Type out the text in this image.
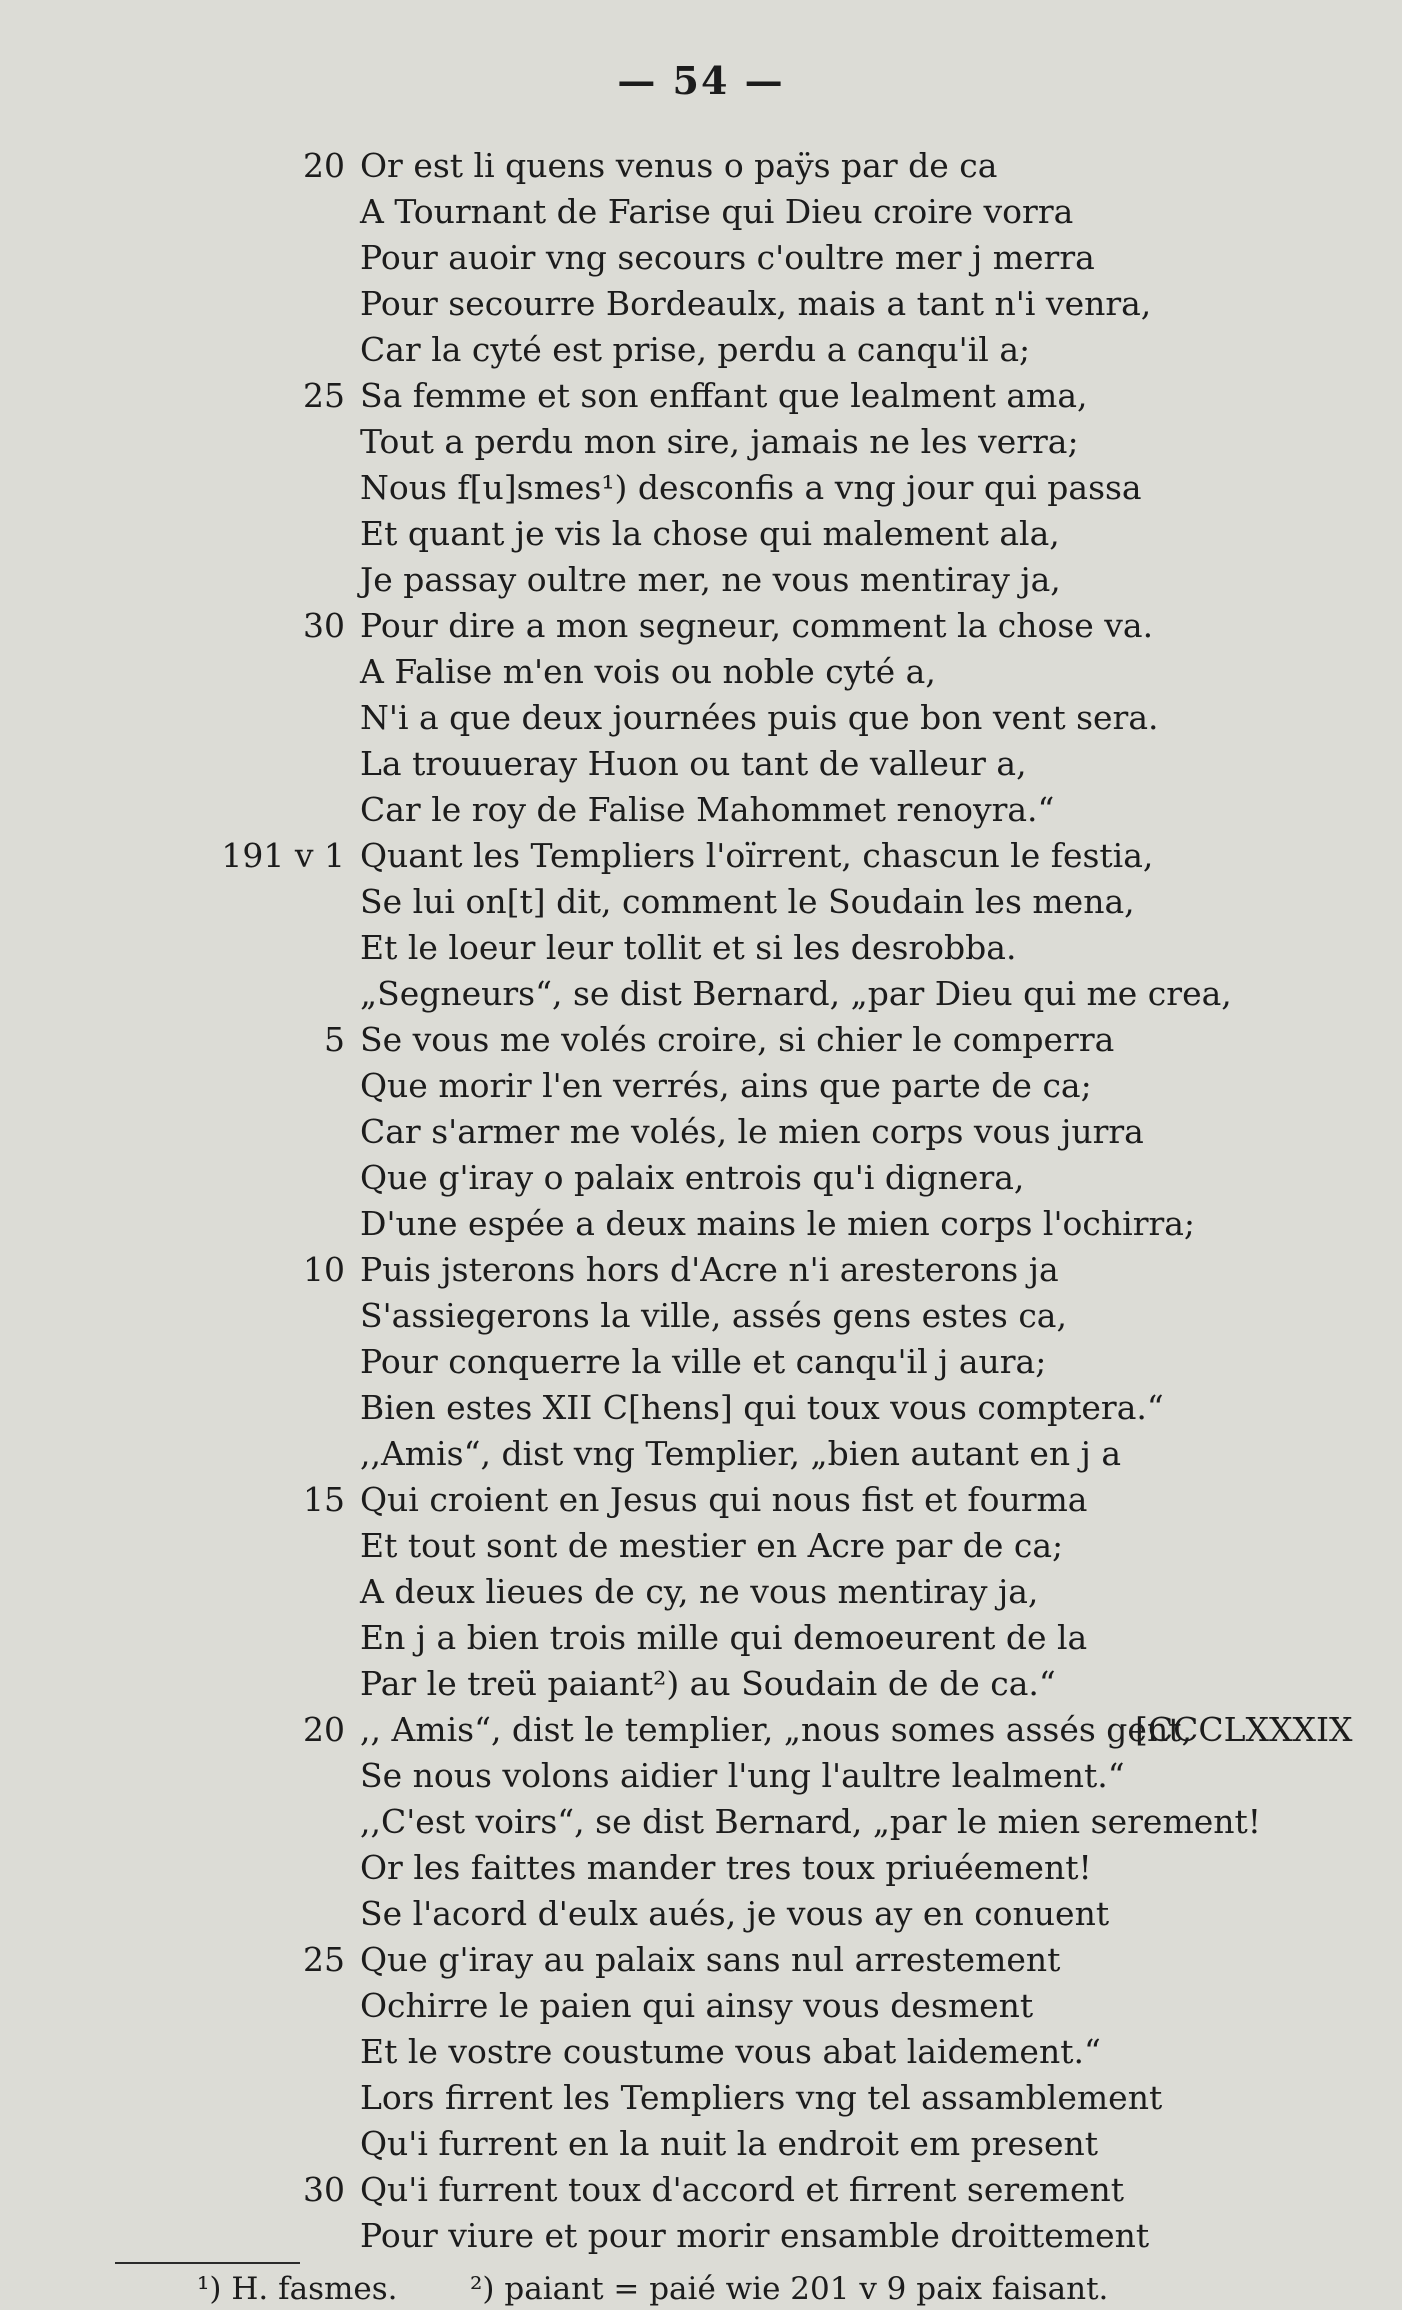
— 54 —
20 Or est li quens venus o paÿs par de ca
A Tournant de Farise qui Dieu croire vorra
Pour auoir vng secours c'oultre mer j merra
Pour secourre Bordeaulx, mais a tant n'i venra,
Car la cyté est prise, perdu a canqu'il a;
25 Sa femme et son enffant que lealment ama,
Tout a perdu mon sire, jamais ne les verra;
Nous f[u]smes¹) desconfis a vng jour qui passa
Et quant je vis la chose qui malement ala,
Je passay oultre mer, ne vous mentiray ja,
30 Pour dire a mon segneur, comment la chose va.
A Falise m'en vois ou noble cyté a,
N'i a que deux journées puis que bon vent sera.
La trouueray Huon ou tant de valleur a,
Car le roy de Falise Mahommet renoyra.“
191 v 1 Quant les Templiers l'oïrrent, chascun le festia,
Se lui on[t] dit, comment le Soudain les mena,
Et le loeur leur tollit et si les desrobba.
„Segneurs“, se dist Bernard, „par Dieu qui me crea,
5 Se vous me volés croire, si chier le comperra
Que morir l'en verrés, ains que parte de ca;
Car s'armer me volés, le mien corps vous jurra
Que g'iray o palaix entrois qu'i dignera,
D'une espée a deux mains le mien corps l'ochirra;
10 Puis jsterons hors d'Acre n'i aresterons ja
S'assiegerons la ville, assés gens estes ca,
Pour conquerre la ville et canqu'il j aura;
Bien estes XII C[hens] qui toux vous comptera.“
,,Amis“, dist vng Templier, „bien autant en j a
15 Qui croient en Jesus qui nous fist et fourma
Et tout sont de mestier en Acre par de ca;
A deux lieues de cy, ne vous mentiray ja,
En j a bien trois mille qui demoeurent de la
Par le treü paiant²) au Soudain de de ca.“
20 ,, Amis“, dist le templier, „nous somes assés gent,
[CCCLXXXIX
Se nous volons aidier l'ung l'aultre lealment.“
,,C'est voirs“, se dist Bernard, „par le mien serement!
Or les faittes mander tres toux priuéement!
Se l'acord d'eulx aués, je vous ay en conuent
25 Que g'iray au palaix sans nul arrestement
Ochirre le paien qui ainsy vous desment
Et le vostre coustume vous abat laidement.“
Lors firrent les Templiers vng tel assamblement
Qu'i furrent en la nuit la endroit em present
30 Qu'i furrent toux d'accord et firrent serement
Pour viure et pour morir ensamble droittement
¹) H. fasmes. ²) paiant = paié wie 201 v 9 paix faisant.
